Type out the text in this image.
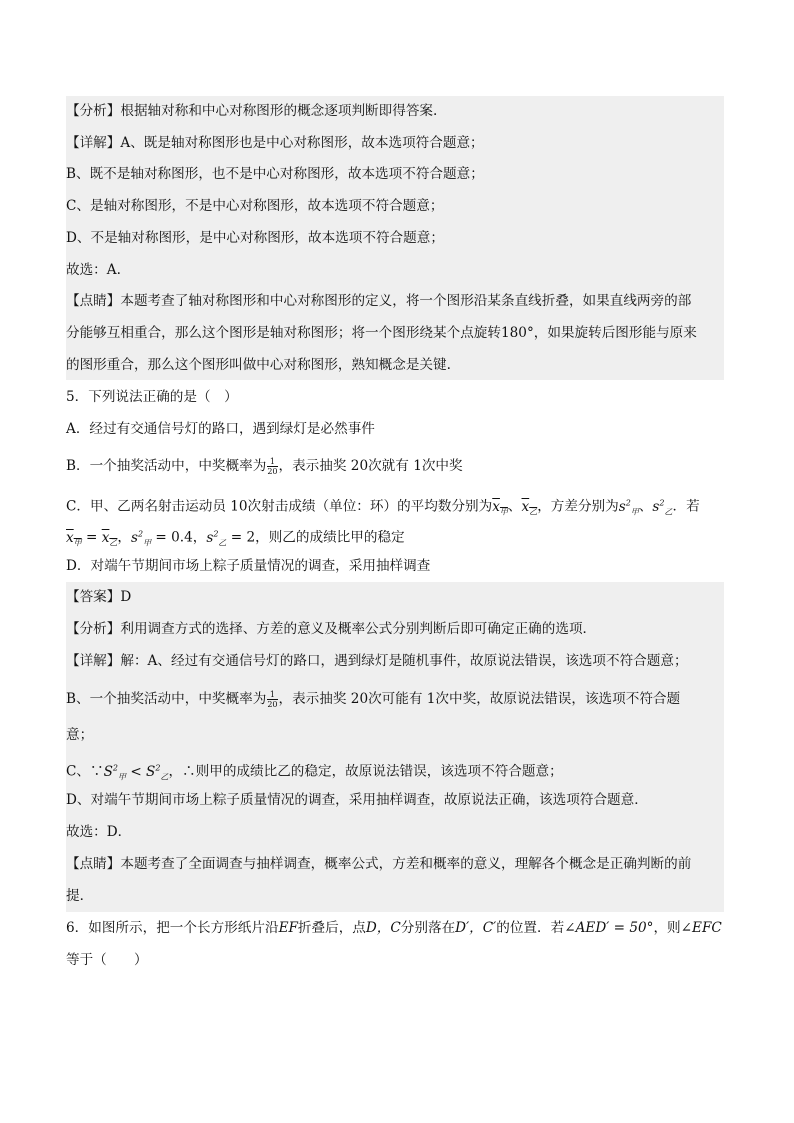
【分析】根据轴对称和中心对称图形的概念逐项判断即得答案.
【详解】A、既是轴对称图形也是中心对称图形，故本选项符合题意；
B、既不是轴对称图形，也不是中心对称图形，故本选项不符合题意；
C、是轴对称图形，不是中心对称图形，故本选项不符合题意；
D、不是轴对称图形，是中心对称图形，故本选项不符合题意；
故选：A.
【点睛】本题考查了轴对称图形和中心对称图形的定义，将一个图形沿某条直线折叠，如果直线两旁的部
分能够互相重合，那么这个图形是轴对称图形；将一个图形绕某个点旋转180°，如果旋转后图形能与原来
的图形重合，那么这个图形叫做中心对称图形，熟知概念是关键.
5．下列说法正确的是（　）
A．经过有交通信号灯的路口，遇到绿灯是必然事件
B．一个抽奖活动中，中奖概率为 $\frac{1}{20}$ ，表示抽奖 20次就有 1次中奖
C．甲、乙两名射击运动员 10次射击成绩（单位：环）的平均数分别为$x_甲$、$x_乙$，方差分别为$s^2_甲$、$s^2_乙$．若
$x_甲 = x_乙$，$s^2_甲 = 0.4$，$s^2_乙 = 2$，则乙的成绩比甲的稳定
D．对端午节期间市场上粽子质量情况的调查，采用抽样调查
【答案】D
【分析】利用调查方式的选择、方差的意义及概率公式分别判断后即可确定正确的选项．
【详解】解：A、经过有交通信号灯的路口，遇到绿灯是随机事件，故原说法错误，该选项不符合题意；
B、一个抽奖活动中，中奖概率为 $\frac{1}{20}$ ，表示抽奖 20次可能有 1次中奖，故原说法错误，该选项不符合题
意；
C、$\because S^2_甲 < S^2_乙$，∴则甲的成绩比乙的稳定，故原说法错误，该选项不符合题意；
D、对端午节期间市场上粽子质量情况的调查，采用抽样调查，故原说法正确，该选项符合题意．
故选：D．
【点睛】本题考查了全面调查与抽样调查，概率公式，方差和概率的意义，理解各个概念是正确判断的前
提．
6．如图所示，把一个长方形纸片沿EF折叠后，点D，C分别落在D′，C′的位置．若∠AED′ = 50°，则∠EFC
等于（　　）
